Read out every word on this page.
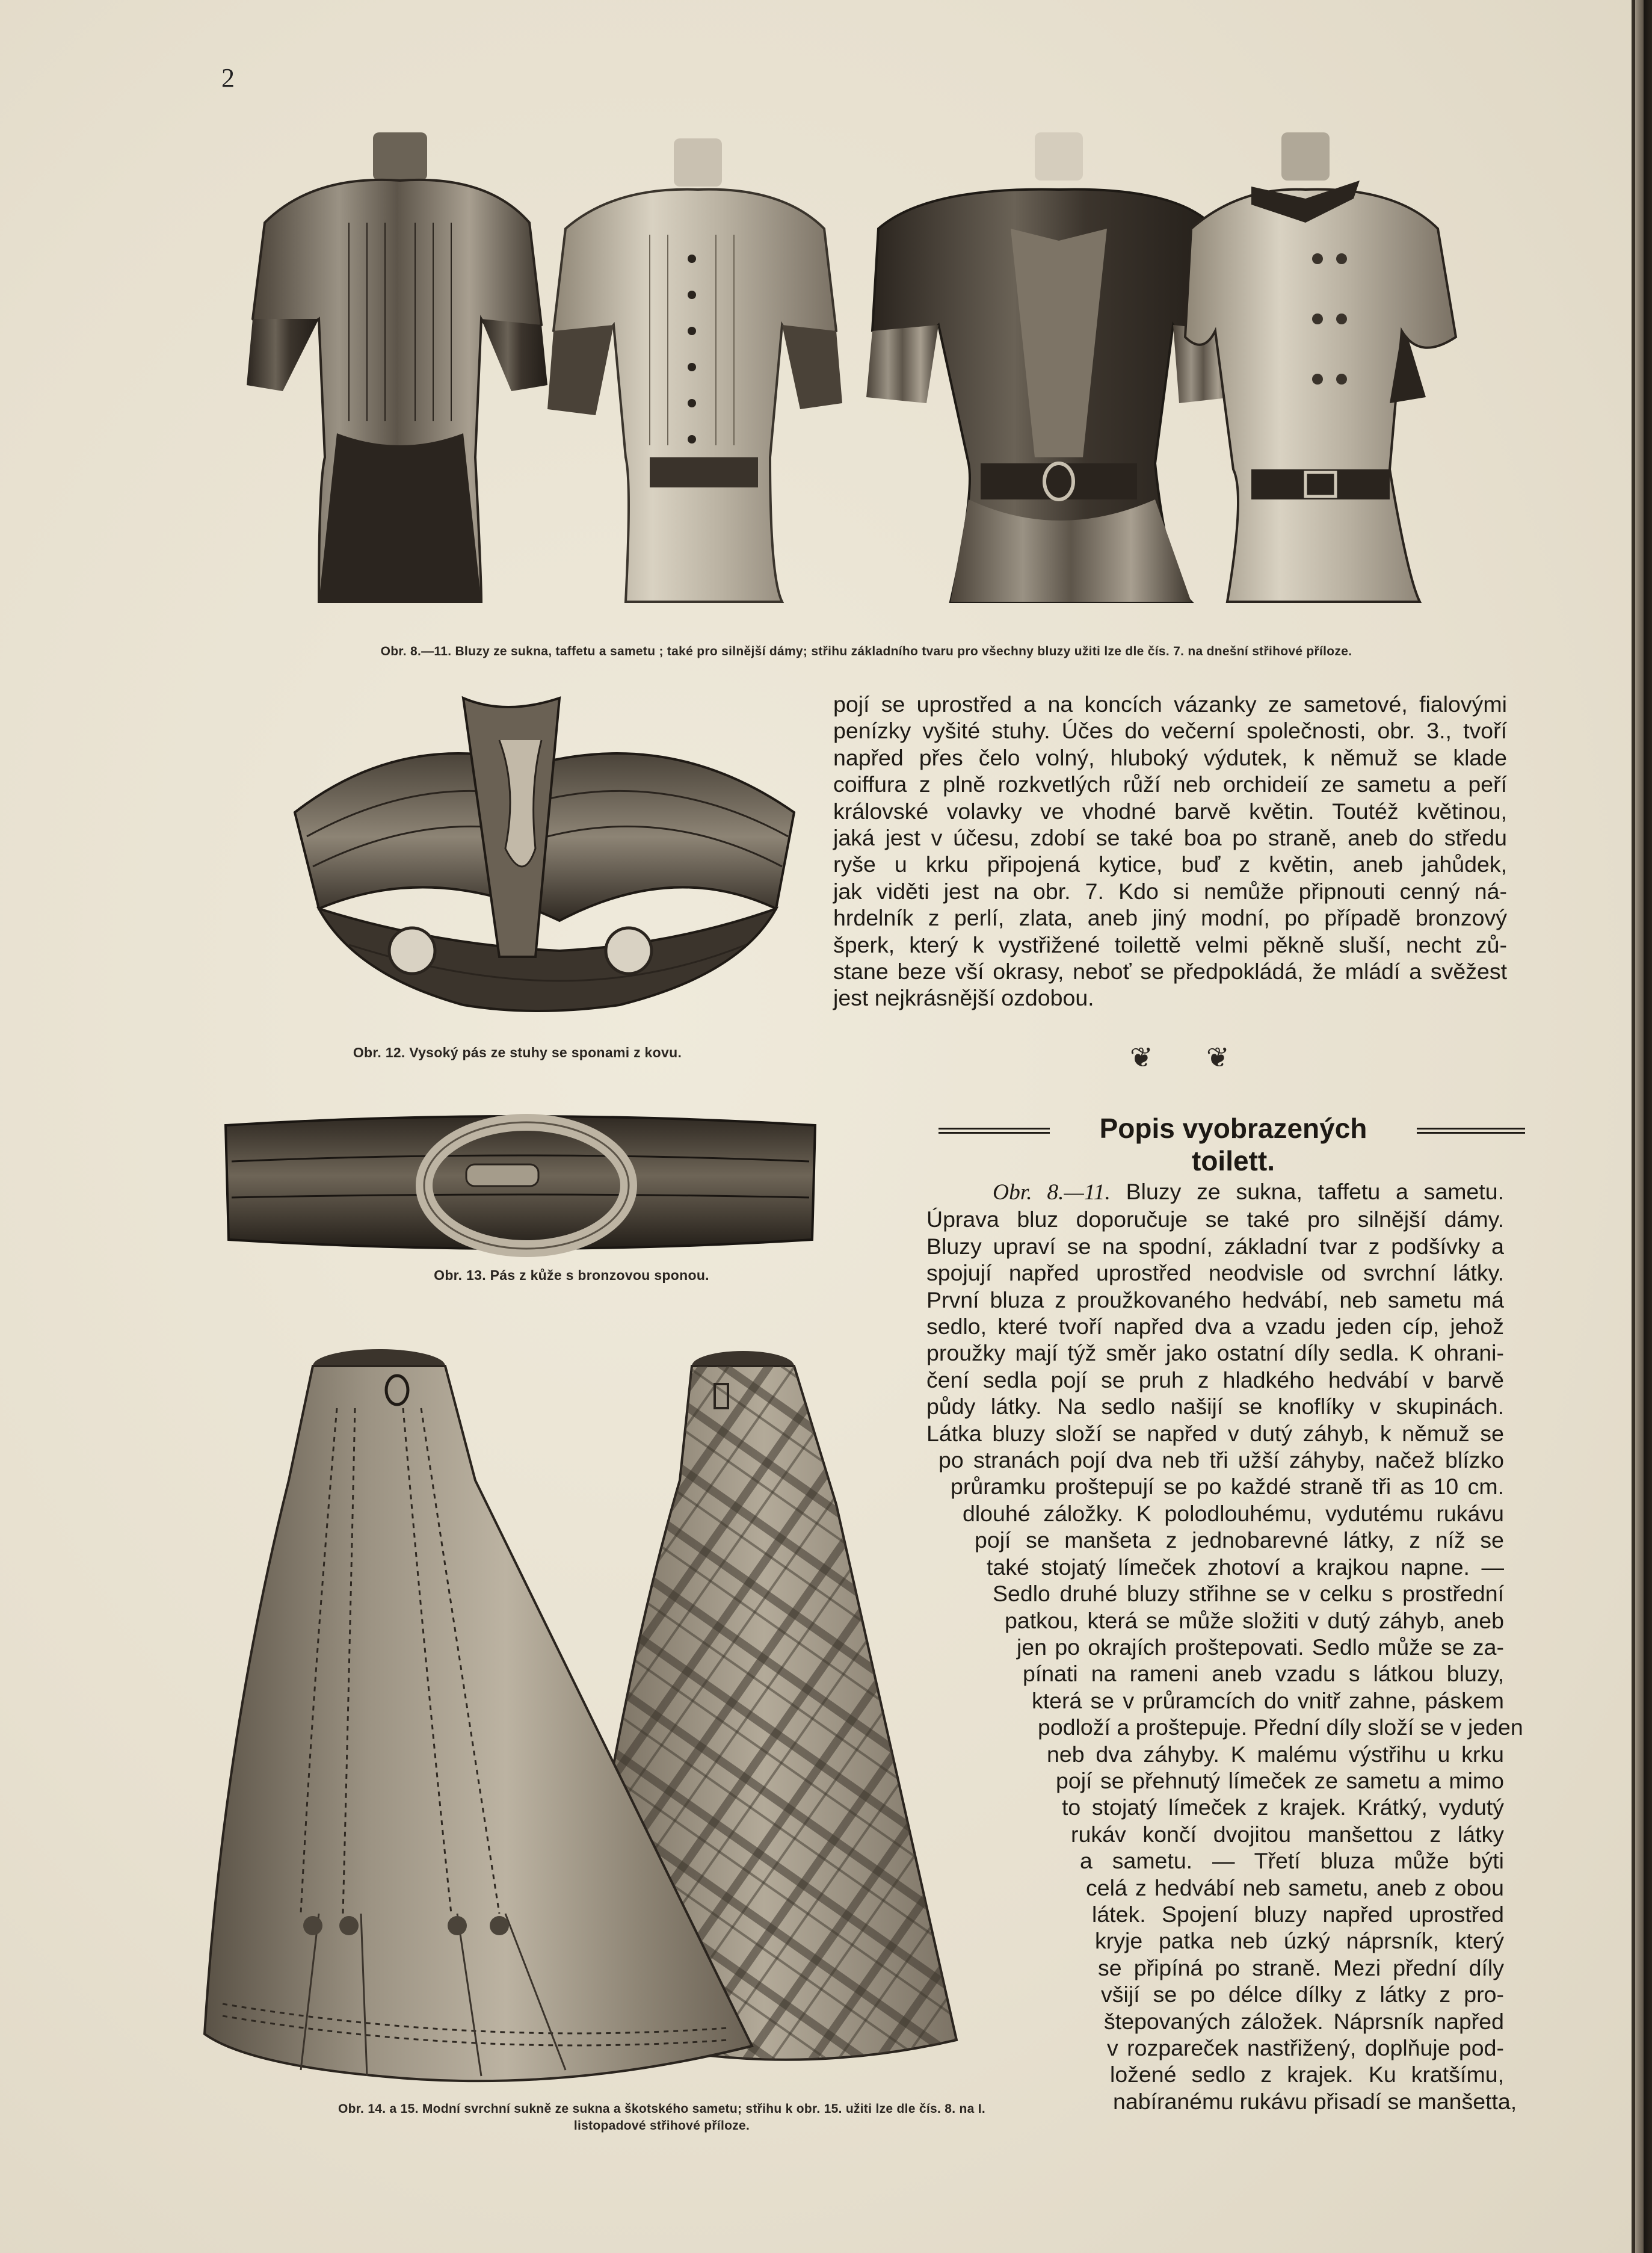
2
Obr. 8.—11. Bluzy ze sukna, taffetu a sametu ; také pro silnější dámy; střihu základního tvaru pro všechny bluzy užiti lze dle čís. 7. na dnešní střihové příloze.
Obr. 12. Vysoký pás ze stuhy se sponami z kovu.
Obr. 13. Pás z kůže s bronzovou sponou.
Obr. 14. a 15. Modní svrchní sukně ze sukna a škotského sametu; střihu k obr. 15. užiti lze dle čís. 8. na I.
listopadové střihové příloze.
pojí se uprostřed a na koncích vázanky ze sametové, fialovými
penízky vyšité stuhy. Účes do večerní společnosti, obr. 3., tvoří
napřed přes čelo volný, hluboký výdutek, k němuž se klade
coiffura z plně rozkvetlých růží neb orchideií ze sametu a peří
královské volavky ve vhodné barvě květin. Toutéž květinou,
jaká jest v účesu, zdobí se také boa po straně, aneb do středu
ryše u krku připojená kytice, buď z květin, aneb jahůdek,
jak viděti jest na obr. 7. Kdo si nemůže připnouti cenný ná-
hrdelník z perlí, zlata, aneb jiný modní, po případě bronzový
šperk, který k vystřižené toilettě velmi pěkně sluší, necht zů-
stane beze vší okrasy, neboť se předpokládá, že mládí a svěžest
jest nejkrásnější ozdobou.
❦ ❦
Popis vyobrazených toilett.
Obr. 8.—11. Bluzy ze sukna, taffetu a sametu.
Úprava bluz doporučuje se také pro silnější dámy.
Bluzy upraví se na spodní, základní tvar z podšívky a
spojují napřed uprostřed neodvisle od svrchní látky.
První bluza z proužkovaného hedvábí, neb sametu má
sedlo, které tvoří napřed dva a vzadu jeden cíp, jehož
proužky mají týž směr jako ostatní díly sedla. K ohrani-
čení sedla pojí se pruh z hladkého hedvábí v barvě
půdy látky. Na sedlo našijí se knoflíky v skupinách.
Látka bluzy složí se napřed v dutý záhyb, k němuž se
po stranách pojí dva neb tři užší záhyby, načež blízko
průramku proštepují se po každé straně tři as 10 cm.
dlouhé záložky. K polodlouhému, vydutému rukávu
pojí se manšeta z jednobarevné látky, z níž se
také stojatý límeček zhotoví a krajkou napne. —
Sedlo druhé bluzy střihne se v celku s prostřední
patkou, která se může složiti v dutý záhyb, aneb
jen po okrajích proštepovati. Sedlo může se za-
pínati na rameni aneb vzadu s látkou bluzy,
která se v průramcích do vnitř zahne, páskem
podloží a proštepuje. Přední díly složí se v jeden
neb dva záhyby. K malému výstřihu u krku
pojí se přehnutý límeček ze sametu a mimo
to stojatý límeček z krajek. Krátký, vydutý
rukáv končí dvojitou manšettou z látky
a sametu. — Třetí bluza může býti
celá z hedvábí neb sametu, aneb z obou
látek. Spojení bluzy napřed uprostřed
kryje patka neb úzký náprsník, který
se připíná po straně. Mezi přední díly
všijí se po délce dílky z látky z pro-
štepovaných záložek. Náprsník napřed
v rozpareček nastřižený, doplňuje pod-
ložené sedlo z krajek. Ku kratšímu,
nabíranému rukávu přisadí se manšetta,
